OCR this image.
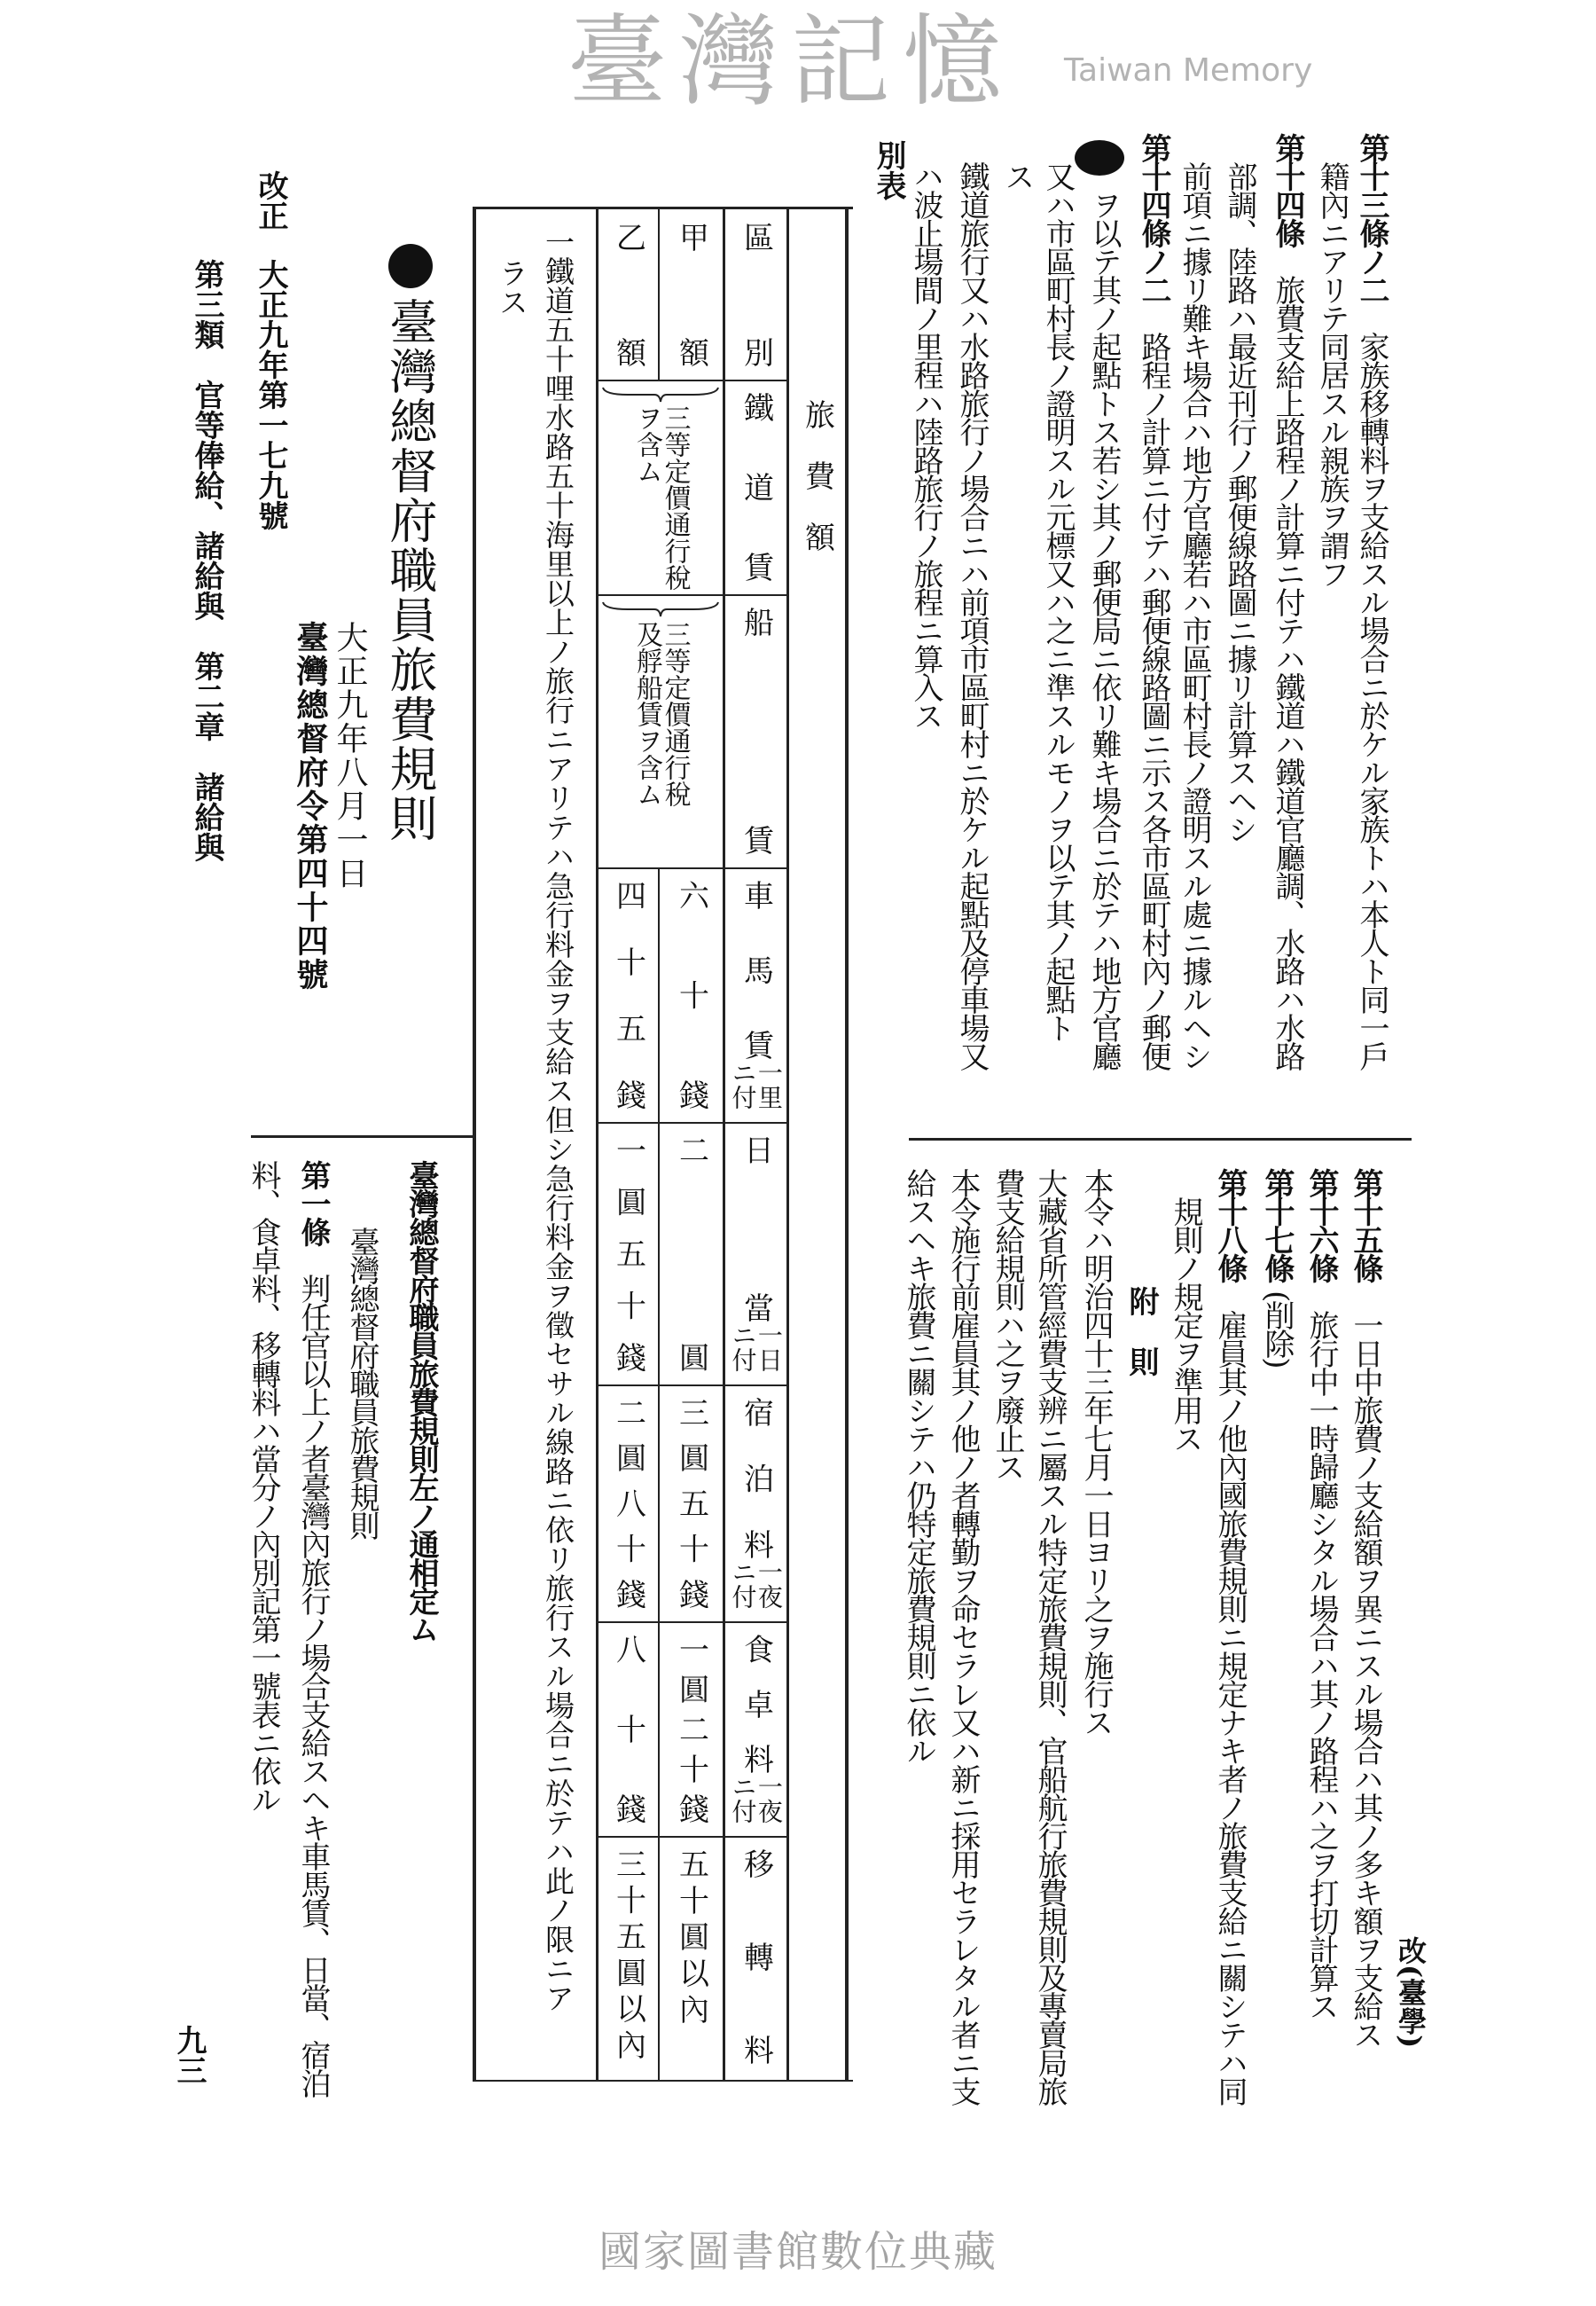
改(臺學)
第十三條ノ二家族移轉料ヲ支給スル場合ニ於ケル家族トハ本人ト同一戶
籍內ニアリテ同居スル親族ヲ謂フ
第十四條旅費支給上路程ノ計算ニ付テハ鐵道ハ鐵道官廳調、水路ハ水路
部調、陸路ハ最近刊行ノ郵便線路圖ニ據リ計算スヘシ
前項ニ據リ難キ場合ハ地方官廳若ハ市區町村長ノ證明スル處ニ據ルヘシ
第十四條ノ二路程ノ計算ニ付テハ郵便線路圖ニ示ス各市區町村內ノ郵便
ヲ以テ其ノ起點トス若シ其ノ郵便局ニ依リ難キ場合ニ於テハ地方官廳
又ハ市區町村長ノ證明スル元標又ハ之ニ準スルモノヲ以テ其ノ起點ト
ス
鐵道旅行又ハ水路旅行ノ場合ニハ前項市區町村ニ於ケル起點及停車場又
ハ波止場間ノ里程ハ陸路旅行ノ旅程ニ算入ス
第十五條一日中旅費ノ支給額ヲ異ニスル場合ハ其ノ多キ額ヲ支給ス
第十六條旅行中一時歸廳シタル場合ハ其ノ路程ハ之ヲ打切計算ス
第十七條(削除)
第十八條雇員其ノ他內國旅費規則ニ規定ナキ者ノ旅費支給ニ關シテハ同
規則ノ規定ヲ準用ス
附則
本令ハ明治四十三年七月一日ヨリ之ヲ施行ス
大藏省所管經費支辨ニ屬スル特定旅費規則、官船航行旅費規則及專賣局旅
費支給規則ハ之ヲ廢止ス
本令施行前雇員其ノ他ノ者轉勤ヲ命セラレ又ハ新ニ採用セラレタル者ニ支
給スヘキ旅費ニ關シテハ仍特定旅費規則ニ依ル
別表
旅費額
區別
甲額
乙額
鐵道賃
船賃
車馬賃
一里
ニ付
日當
一日
ニ付
宿泊料
一夜
ニ付
食卓料
一夜
ニ付
移轉料
三等定價通行稅
ヲ含ム
三等定價通行稅
及艀船賃ヲ含ム
六十錢
二圓
三圓五十錢
一圓二十錢
五十圓以內
四十五錢
一圓五十錢
二圓八十錢
八十錢
三十五圓以內
一鐵道五十哩水路五十海里以上ノ旅行ニアリテハ急行料金ヲ支給ス但シ急行料金ヲ徵セサル線路ニ依リ旅行スル場合ニ於テハ此ノ限ニア
ラス
臺灣總督府職員旅費規則
大正九年八月一日
臺灣總督府令第四十四號
改正
大正九年第一七九號
第三類　官等俸給、諸給與　第二章　諸給與
臺灣總督府職員旅費規則左ノ通相定ム
臺灣總督府職員旅費規則
第一條判任官以上ノ者臺灣內旅行ノ場合支給スヘキ車馬賃、日當、宿泊
料、食卓料、移轉料ハ當分ノ內別記第一號表ニ依ル
九三
臺灣記憶 Taiwan Memory
國家圖書館數位典藏
